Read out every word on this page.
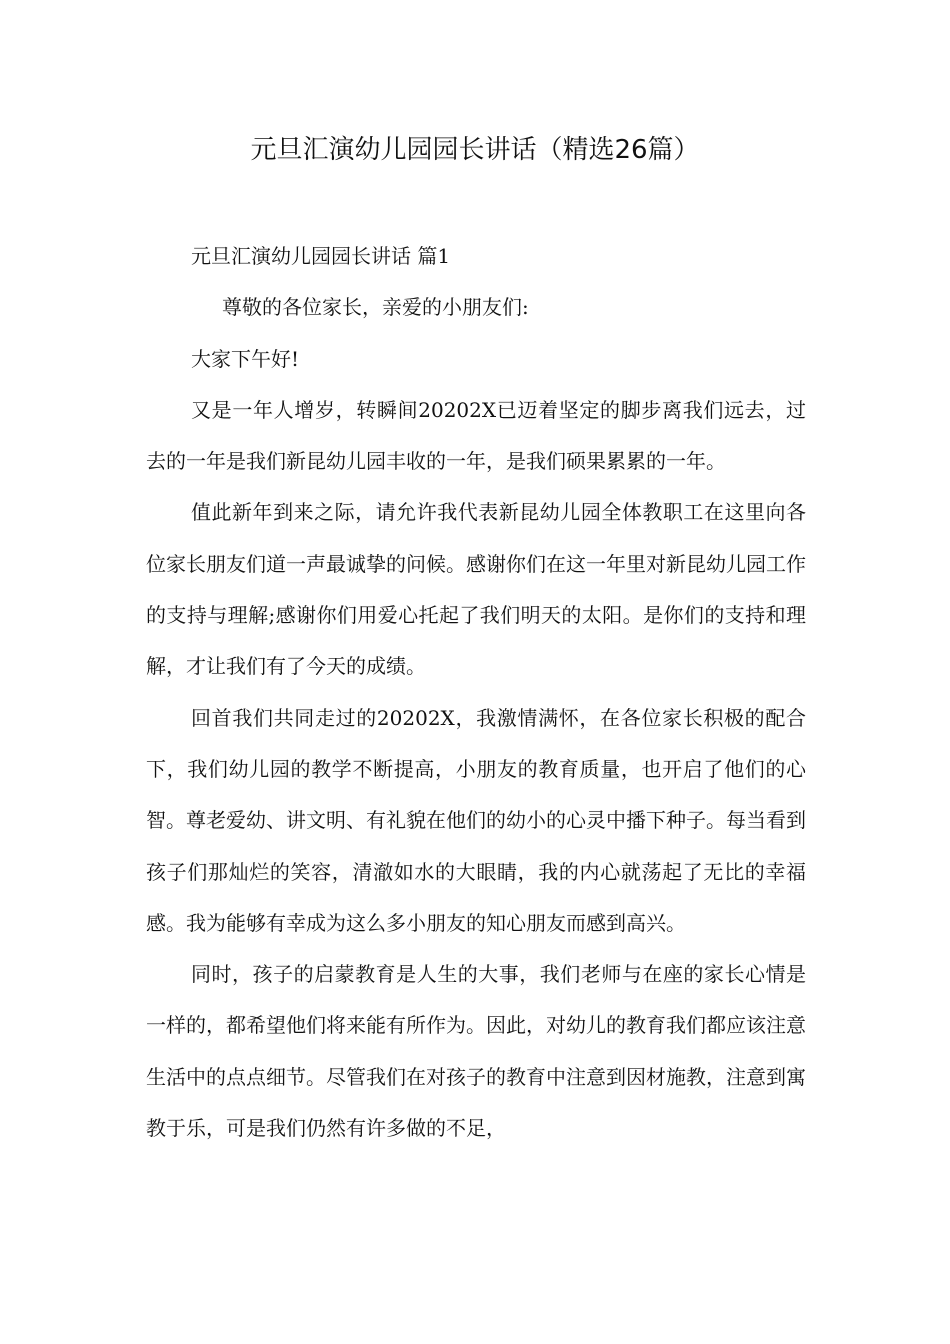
元旦汇演幼儿园园长讲话（精选26篇）

元旦汇演幼儿园园长讲话 篇1

尊敬的各位家长，亲爱的小朋友们:

大家下午好!

又是一年人增岁，转瞬间20202X已迈着坚定的脚步离我们远去，过去的一年是我们新昆幼儿园丰收的一年，是我们硕果累累的一年。

值此新年到来之际，请允许我代表新昆幼儿园全体教职工在这里向各位家长朋友们道一声最诚挚的问候。感谢你们在这一年里对新昆幼儿园工作的支持与理解;感谢你们用爱心托起了我们明天的太阳。是你们的支持和理解，才让我们有了今天的成绩。

回首我们共同走过的20202X，我激情满怀，在各位家长积极的配合下，我们幼儿园的教学不断提高，小朋友的教育质量，也开启了他们的心智。尊老爱幼、讲文明、有礼貌在他们的幼小的心灵中播下种子。每当看到孩子们那灿烂的笑容，清澈如水的大眼睛，我的内心就荡起了无比的幸福感。我为能够有幸成为这么多小朋友的知心朋友而感到高兴。

同时，孩子的启蒙教育是人生的大事，我们老师与在座的家长心情是一样的，都希望他们将来能有所作为。因此，对幼儿的教育我们都应该注意生活中的点点细节。尽管我们在对孩子的教育中注意到因材施教，注意到寓教于乐，可是我们仍然有许多做的不足，
